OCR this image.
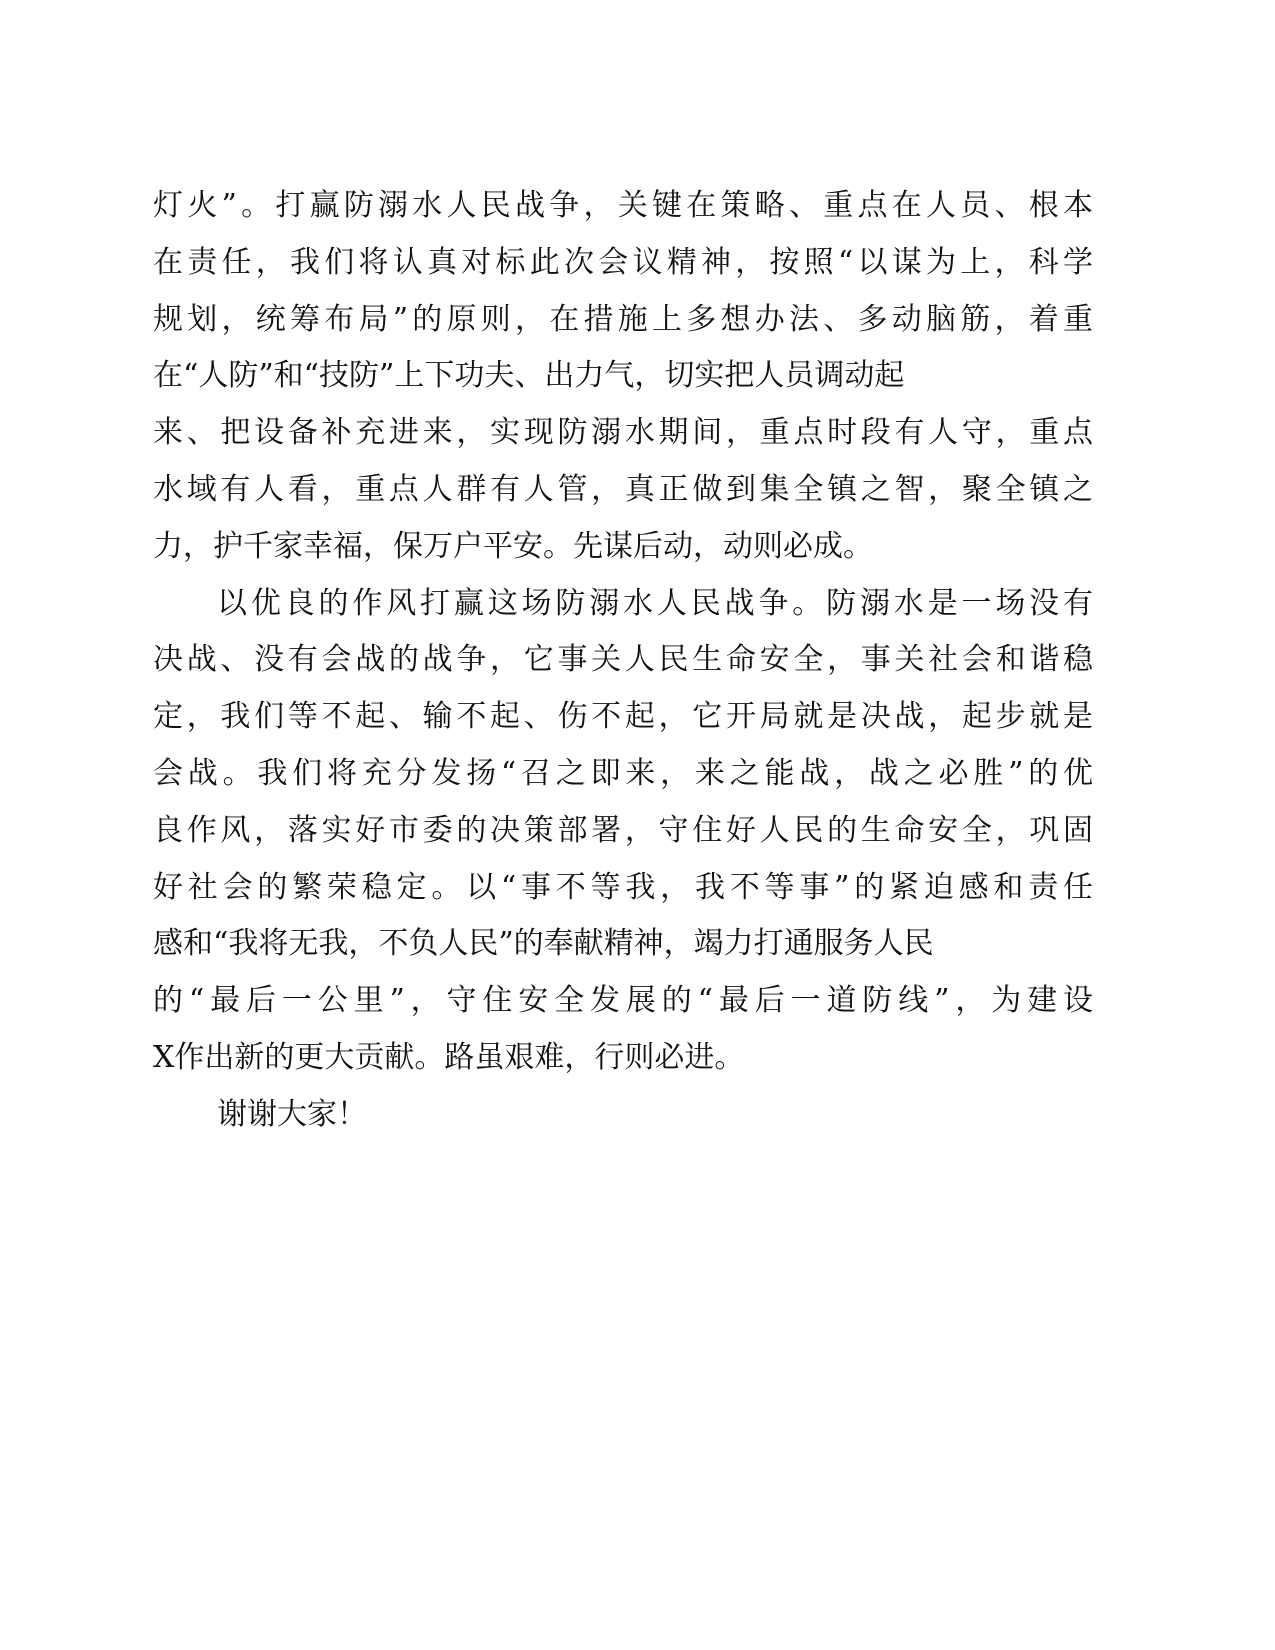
灯火”。打赢防溺水人民战争，关键在策略、重点在人员、根本
在责任，我们将认真对标此次会议精神，按照“以谋为上，科学
规划，统筹布局”的原则，在措施上多想办法、多动脑筋，着重
在“人防”和“技防”上下功夫、出力气，切实把人员调动起
来、把设备补充进来，实现防溺水期间，重点时段有人守，重点
水域有人看，重点人群有人管，真正做到集全镇之智，聚全镇之
力，护千家幸福，保万户平安。先谋后动，动则必成。
以优良的作风打赢这场防溺水人民战争。防溺水是一场没有
决战、没有会战的战争，它事关人民生命安全，事关社会和谐稳
定，我们等不起、输不起、伤不起，它开局就是决战，起步就是
会战。我们将充分发扬“召之即来，来之能战，战之必胜”的优
良作风，落实好市委的决策部署，守住好人民的生命安全，巩固
好社会的繁荣稳定。以“事不等我，我不等事”的紧迫感和责任
感和“我将无我，不负人民”的奉献精神，竭力打通服务人民
的“最后一公里”，守住安全发展的“最后一道防线”，为建设
X作出新的更大贡献。路虽艰难，行则必进。
谢谢大家！
